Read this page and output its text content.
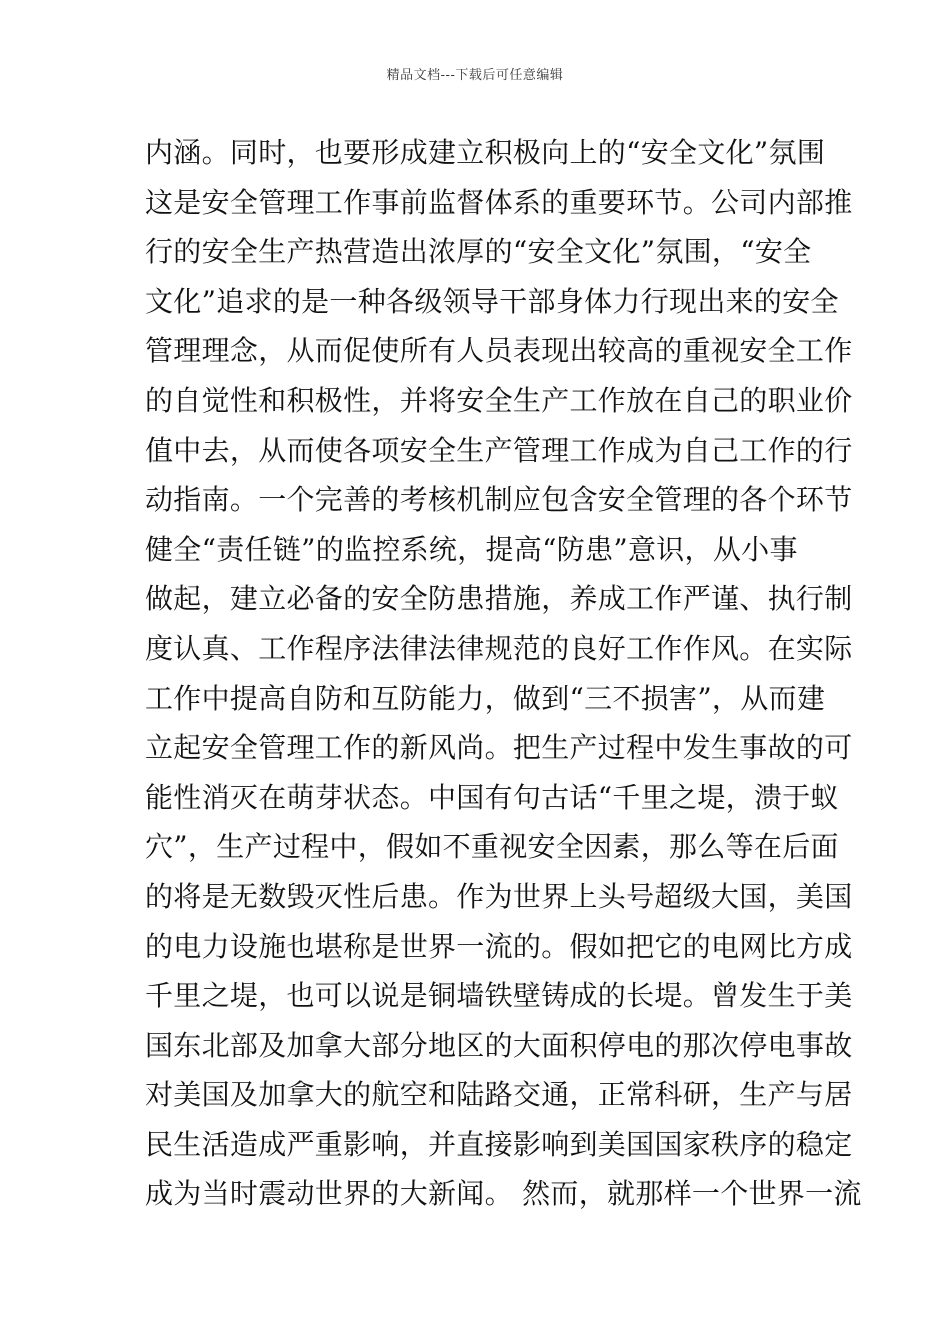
精品文档---下载后可任意编辑
内涵。同时，也要形成建立积极向上的“安全文化”氛围
这是安全管理工作事前监督体系的重要环节。公司内部推
行的安全生产热营造出浓厚的“安全文化”氛围，“安全
文化”追求的是一种各级领导干部身体力行现出来的安全
管理理念，从而促使所有人员表现出较高的重视安全工作
的自觉性和积极性，并将安全生产工作放在自己的职业价
值中去，从而使各项安全生产管理工作成为自己工作的行
动指南。一个完善的考核机制应包含安全管理的各个环节
健全“责任链”的监控系统，提高“防患”意识，从小事
做起，建立必备的安全防患措施，养成工作严谨、执行制
度认真、工作程序法律法律规范的良好工作作风。在实际
工作中提高自防和互防能力，做到“三不损害”，从而建
立起安全管理工作的新风尚。把生产过程中发生事故的可
能性消灭在萌芽状态。中国有句古话“千里之堤，溃于蚁
穴”，生产过程中，假如不重视安全因素，那么等在后面
的将是无数毁灭性后患。作为世界上头号超级大国，美国
的电力设施也堪称是世界一流的。假如把它的电网比方成
千里之堤，也可以说是铜墙铁壁铸成的长堤。曾发生于美
国东北部及加拿大部分地区的大面积停电的那次停电事故
对美国及加拿大的航空和陆路交通，正常科研，生产与居
民生活造成严重影响，并直接影响到美国国家秩序的稳定
成为当时震动世界的大新闻。 然而，就那样一个世界一流
